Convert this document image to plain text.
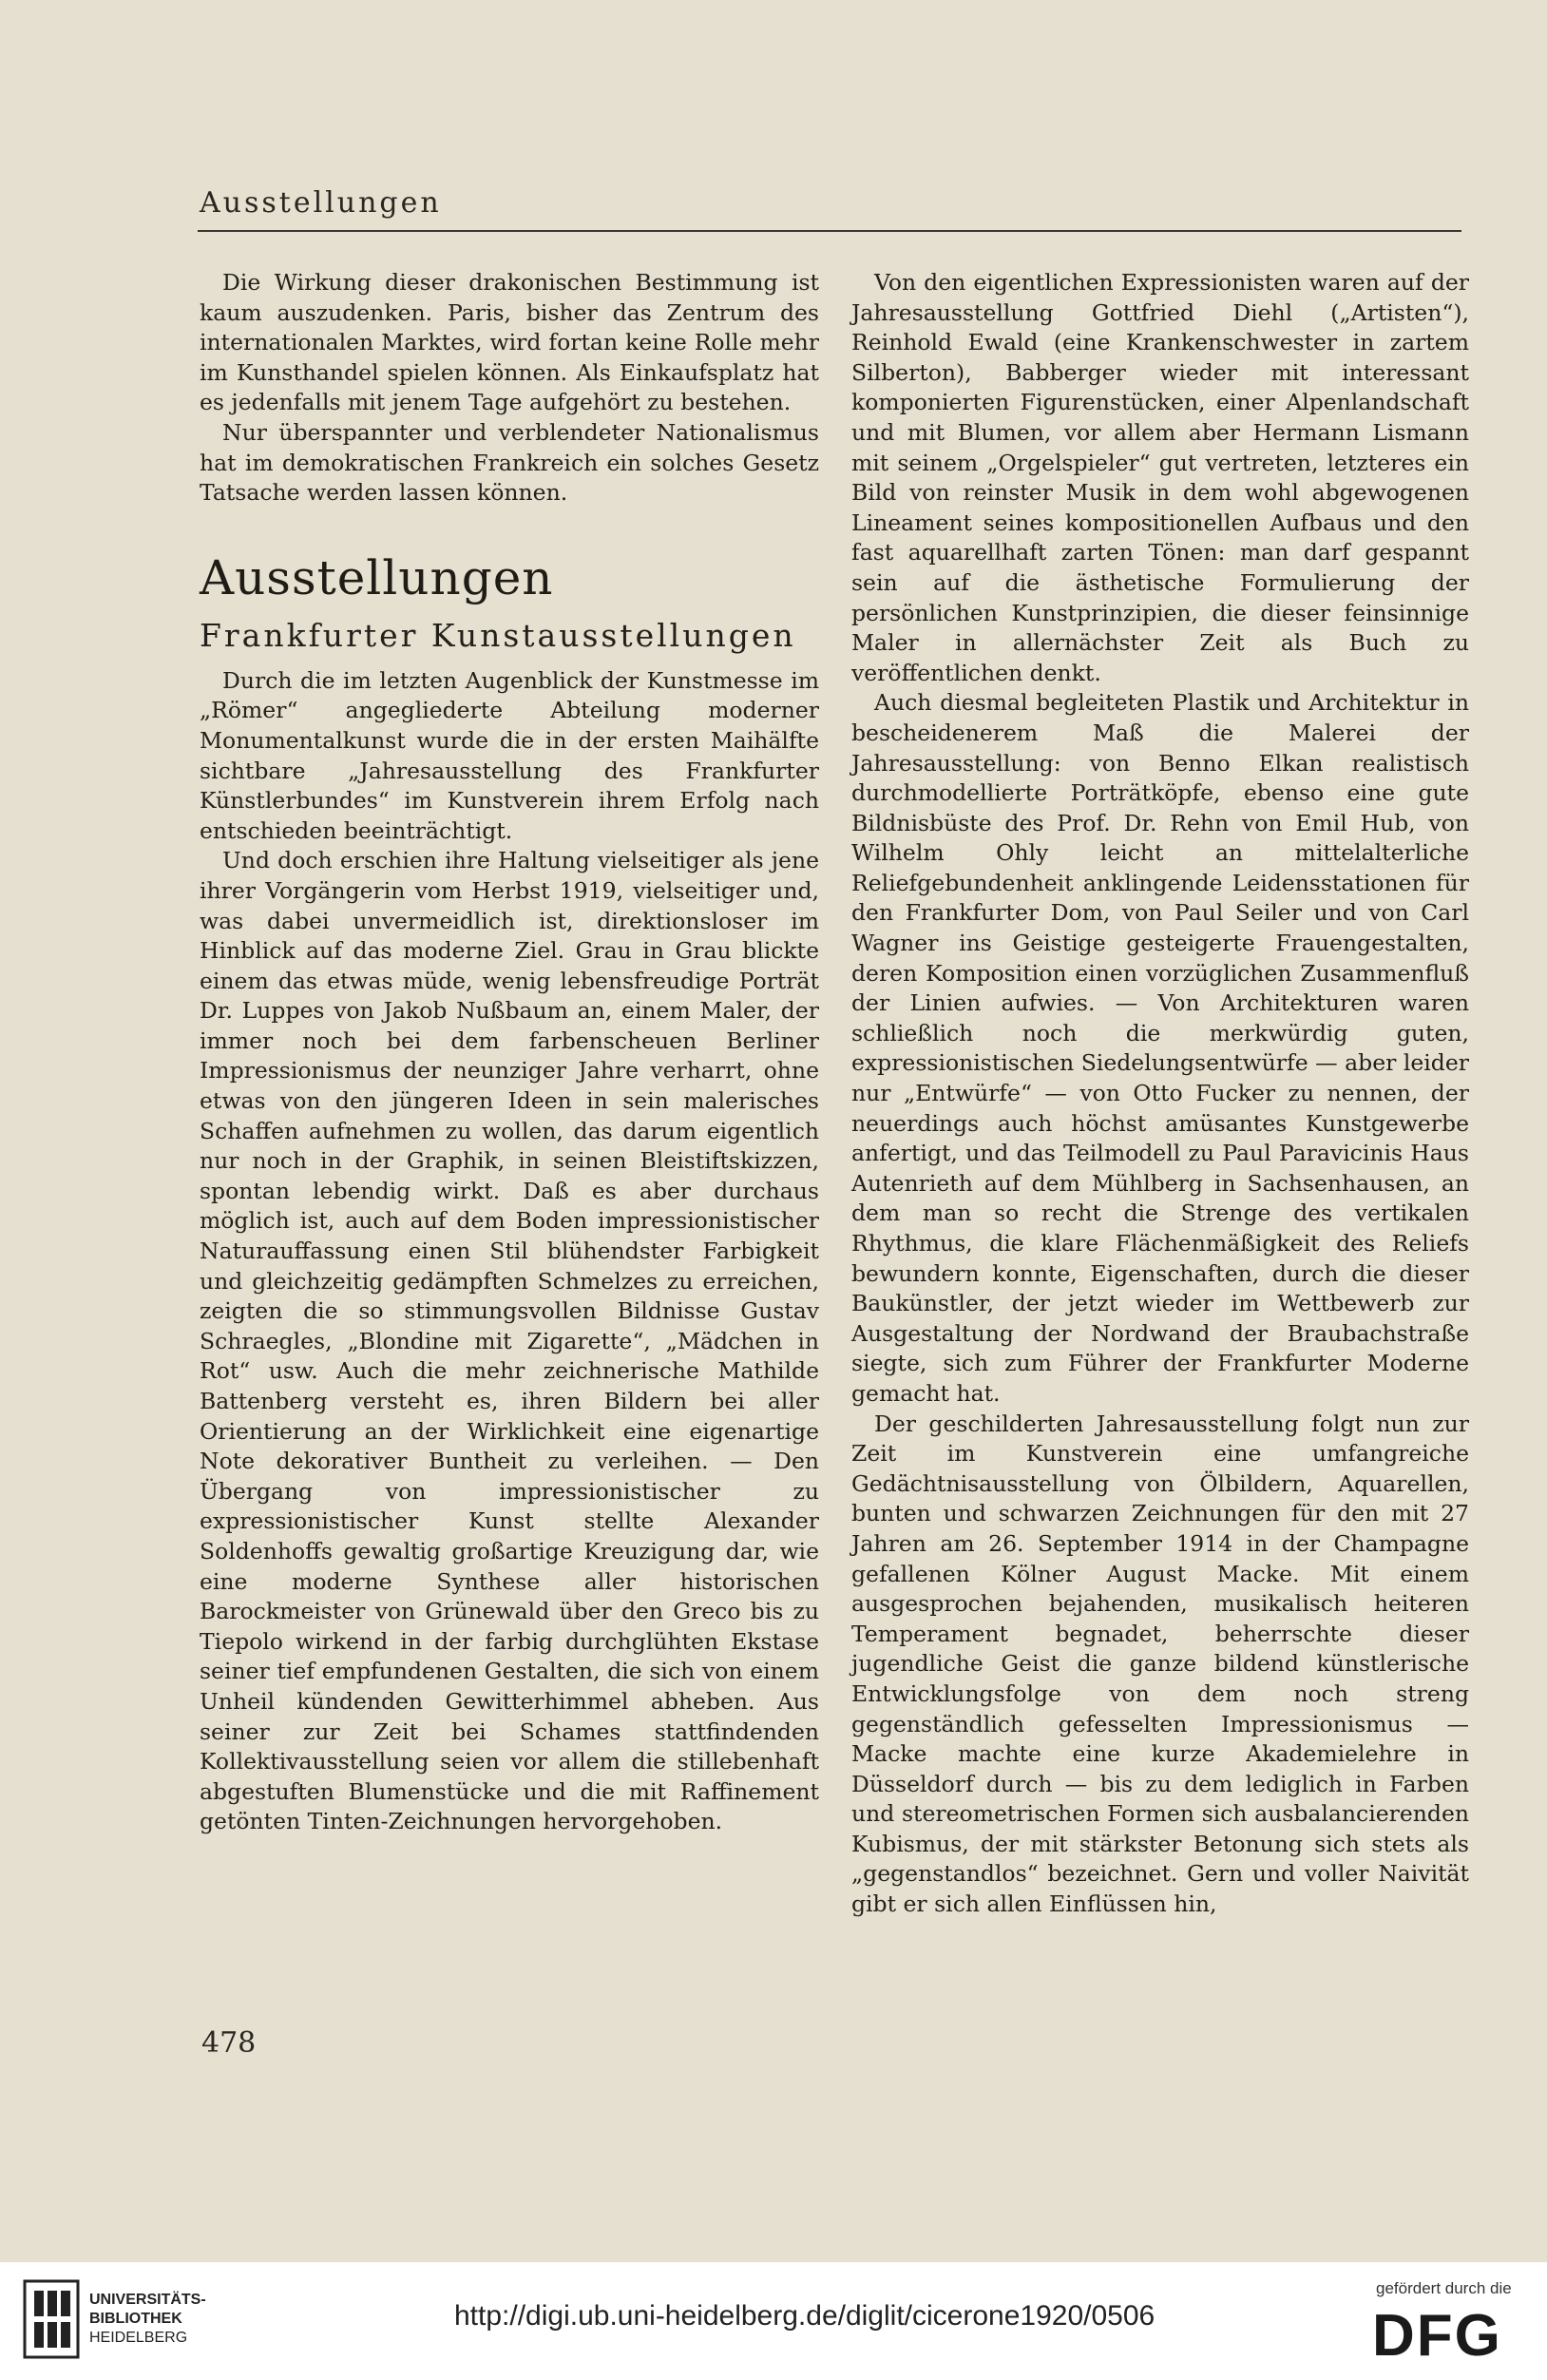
Ausstellungen

Die Wirkung dieser drakonischen Bestimmung ist kaum auszudenken. Paris, bisher das Zentrum des internationalen Marktes, wird fortan keine Rolle mehr im Kunsthandel spielen können. Als Einkaufsplatz hat es jedenfalls mit jenem Tage aufgehört zu bestehen.

Nur überspannter und verblendeter Nationalismus hat im demokratischen Frankreich ein solches Gesetz Tatsache werden lassen können.

Ausstellungen
Frankfurter Kunstausstellungen

Durch die im letzten Augenblick der Kunstmesse im „Römer“ angegliederte Abteilung moderner Monumentalkunst wurde die in der ersten Maihälfte sichtbare „Jahresausstellung des Frankfurter Künstlerbundes“ im Kunstverein ihrem Erfolg nach entschieden beeinträchtigt.

Und doch erschien ihre Haltung vielseitiger als jene ihrer Vorgängerin vom Herbst 1919, vielseitiger und, was dabei unvermeidlich ist, direktionsloser im Hinblick auf das moderne Ziel. Grau in Grau blickte einem das etwas müde, wenig lebensfreudige Porträt Dr. Luppes von Jakob Nußbaum an, einem Maler, der immer noch bei dem farbenscheuen Berliner Impressionismus der neunziger Jahre verharrt, ohne etwas von den jüngeren Ideen in sein malerisches Schaffen aufnehmen zu wollen, das darum eigentlich nur noch in der Graphik, in seinen Bleistiftskizzen, spontan lebendig wirkt. Daß es aber durchaus möglich ist, auch auf dem Boden impressionistischer Naturauffassung einen Stil blühendster Farbigkeit und gleichzeitig gedämpften Schmelzes zu erreichen, zeigten die so stimmungsvollen Bildnisse Gustav Schraegles, „Blondine mit Zigarette“, „Mädchen in Rot“ usw. Auch die mehr zeichnerische Mathilde Battenberg versteht es, ihren Bildern bei aller Orientierung an der Wirklichkeit eine eigenartige Note dekorativer Buntheit zu verleihen. — Den Übergang von impressionistischer zu expressionistischer Kunst stellte Alexander Soldenhoffs gewaltig großartige Kreuzigung dar, wie eine moderne Synthese aller historischen Barockmeister von Grünewald über den Greco bis zu Tiepolo wirkend in der farbig durchglühten Ekstase seiner tief empfundenen Gestalten, die sich von einem Unheil kündenden Gewitterhimmel abheben. Aus seiner zur Zeit bei Schames stattfindenden Kollektivausstellung seien vor allem die stillebenhaft abgestuften Blumenstücke und die mit Raffinement getönten Tinten-Zeichnungen hervorgehoben.

Von den eigentlichen Expressionisten waren auf der Jahresausstellung Gottfried Diehl („Artisten“), Reinhold Ewald (eine Krankenschwester in zartem Silberton), Babberger wieder mit interessant komponierten Figurenstücken, einer Alpenlandschaft und mit Blumen, vor allem aber Hermann Lismann mit seinem „Orgelspieler“ gut vertreten, letzteres ein Bild von reinster Musik in dem wohl abgewogenen Lineament seines kompositionellen Aufbaus und den fast aquarellhaft zarten Tönen: man darf gespannt sein auf die ästhetische Formulierung der persönlichen Kunstprinzipien, die dieser feinsinnige Maler in allernächster Zeit als Buch zu veröffentlichen denkt.

Auch diesmal begleiteten Plastik und Architektur in bescheidenerem Maß die Malerei der Jahresausstellung: von Benno Elkan realistisch durchmodellierte Porträtköpfe, ebenso eine gute Bildnisbüste des Prof. Dr. Rehn von Emil Hub, von Wilhelm Ohly leicht an mittelalterliche Reliefgebundenheit anklingende Leidensstationen für den Frankfurter Dom, von Paul Seiler und von Carl Wagner ins Geistige gesteigerte Frauengestalten, deren Komposition einen vorzüglichen Zusammenfluß der Linien aufwies. — Von Architekturen waren schließlich noch die merkwürdig guten, expressionistischen Siedelungsentwürfe — aber leider nur „Entwürfe“ — von Otto Fucker zu nennen, der neuerdings auch höchst amüsantes Kunstgewerbe anfertigt, und das Teilmodell zu Paul Paravicinis Haus Autenrieth auf dem Mühlberg in Sachsenhausen, an dem man so recht die Strenge des vertikalen Rhythmus, die klare Flächenmäßigkeit des Reliefs bewundern konnte, Eigenschaften, durch die dieser Baukünstler, der jetzt wieder im Wettbewerb zur Ausgestaltung der Nordwand der Braubachstraße siegte, sich zum Führer der Frankfurter Moderne gemacht hat.

Der geschilderten Jahresausstellung folgt nun zur Zeit im Kunstverein eine umfangreiche Gedächtnisausstellung von Ölbildern, Aquarellen, bunten und schwarzen Zeichnungen für den mit 27 Jahren am 26. September 1914 in der Champagne gefallenen Kölner August Macke. Mit einem ausgesprochen bejahenden, musikalisch heiteren Temperament begnadet, beherrschte dieser jugendliche Geist die ganze bildend künstlerische Entwicklungsfolge von dem noch streng gegenständlich gefesselten Impressionismus — Macke machte eine kurze Akademielehre in Düsseldorf durch — bis zu dem lediglich in Farben und stereometrischen Formen sich ausbalancierenden Kubismus, der mit stärkster Betonung sich stets als „gegenstandlos“ bezeichnet. Gern und voller Naivität gibt er sich allen Einflüssen hin,

478
UNIVERSITÄTS-
BIBLIOTHEK
HEIDELBERG
http://digi.ub.uni-heidelberg.de/diglit/cicerone1920/0506
gefördert durch die
DFG
